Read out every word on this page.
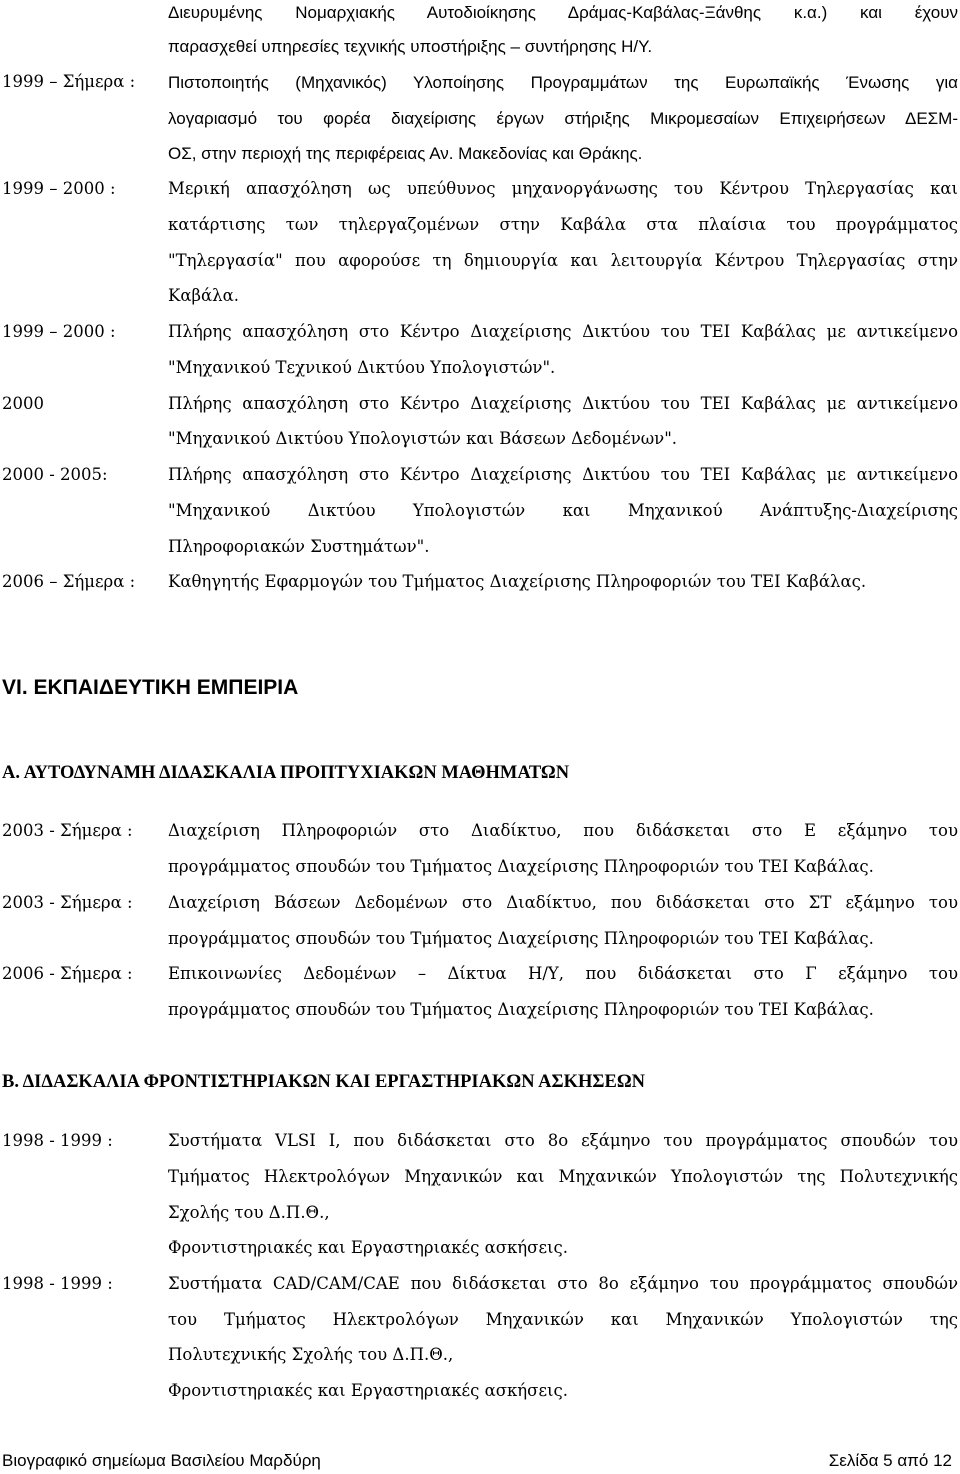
Διευρυμένης Νομαρχιακής Αυτοδιοίκησης Δράμας-Καβάλας-Ξάνθης κ.α.) και έχουν
παρασχεθεί υπηρεσίες τεχνικής υποστήριξης – συντήρησης Η/Υ.
1999 – Σήμερα : Πιστοποιητής (Μηχανικός) Υλοποίησης Προγραμμάτων της Ευρωπαϊκής Ένωσης για
λογαριασμό του φορέα διαχείρισης έργων στήριξης Μικρομεσαίων Επιχειρήσεων ΔΕΣΜ-
ΟΣ, στην περιοχή της περιφέρειας Αν. Μακεδονίας και Θράκης.
1999 – 2000 :	Μερική απασχόληση ως υπεύθυνος μηχανοργάνωσης του Κέντρου Τηλεργασίας και
κατάρτισης των τηλεργαζομένων στην Καβάλα στα πλαίσια του προγράμματος
"Τηλεργασία" που αφορούσε τη δημιουργία και λειτουργία Κέντρου Τηλεργασίας στην
Καβάλα.
1999 – 2000 :	Πλήρης απασχόληση στο Κέντρο Διαχείρισης Δικτύου του ΤΕΙ Καβάλας με αντικείμενο
"Μηχανικού Τεχνικού Δικτύου Υπολογιστών".
2000	Πλήρης απασχόληση στο Κέντρο Διαχείρισης Δικτύου του ΤΕΙ Καβάλας με αντικείμενο
"Μηχανικού Δικτύου Υπολογιστών και Βάσεων Δεδομένων".
2000 - 2005:	Πλήρης απασχόληση στο Κέντρο Διαχείρισης Δικτύου του ΤΕΙ Καβάλας με αντικείμενο
"Μηχανικού Δικτύου Υπολογιστών και Μηχανικού Ανάπτυξης-Διαχείρισης
Πληροφοριακών Συστημάτων".
2006 – Σήμερα : Καθηγητής Εφαρμογών του Τμήματος Διαχείρισης Πληροφοριών του ΤΕΙ Καβάλας.
VI. ΕΚΠΑΙΔΕΥΤΙΚΗ ΕΜΠΕΙΡΙΑ
Α. ΑΥΤΟΔΥΝΑΜΗ ΔΙΔΑΣΚΑΛΙΑ ΠΡΟΠΤΥΧΙΑΚΩΝ ΜΑΘΗΜΑΤΩΝ
2003 - Σήμερα : Διαχείριση Πληροφοριών στο Διαδίκτυο, που διδάσκεται στο Ε εξάμηνο του
προγράμματος σπουδών του Τμήματος Διαχείρισης Πληροφοριών του ΤΕΙ Καβάλας.
2003 - Σήμερα : Διαχείριση Βάσεων Δεδομένων στο Διαδίκτυο, που διδάσκεται στο ΣΤ εξάμηνο του
προγράμματος σπουδών του Τμήματος Διαχείρισης Πληροφοριών του ΤΕΙ Καβάλας.
2006 - Σήμερα : Επικοινωνίες Δεδομένων – Δίκτυα Η/Υ, που διδάσκεται στο Γ εξάμηνο του
προγράμματος σπουδών του Τμήματος Διαχείρισης Πληροφοριών του ΤΕΙ Καβάλας.
Β. ΔΙΔΑΣΚΑΛΙΑ ΦΡΟΝΤΙΣΤΗΡΙΑΚΩΝ ΚΑΙ ΕΡΓΑΣΤΗΡΙΑΚΩΝ ΑΣΚΗΣΕΩΝ
1998 - 1999 :	Συστήματα VLSI I, που διδάσκεται στο 8ο εξάμηνο του προγράμματος σπουδών του
Τμήματος Ηλεκτρολόγων Μηχανικών και Μηχανικών Υπολογιστών της Πολυτεχνικής
Σχολής του Δ.Π.Θ.,
Φροντιστηριακές και Εργαστηριακές ασκήσεις.
1998 - 1999 :	Συστήματα CAD/CAM/CAE που διδάσκεται στο 8ο εξάμηνο του προγράμματος σπουδών
του Τμήματος Ηλεκτρολόγων Μηχανικών και Μηχανικών Υπολογιστών της
Πολυτεχνικής Σχολής του Δ.Π.Θ.,
Φροντιστηριακές και Εργαστηριακές ασκήσεις.
Βιογραφικό σημείωμα Βασιλείου Μαρδύρη	Σελίδα 5 από 12
